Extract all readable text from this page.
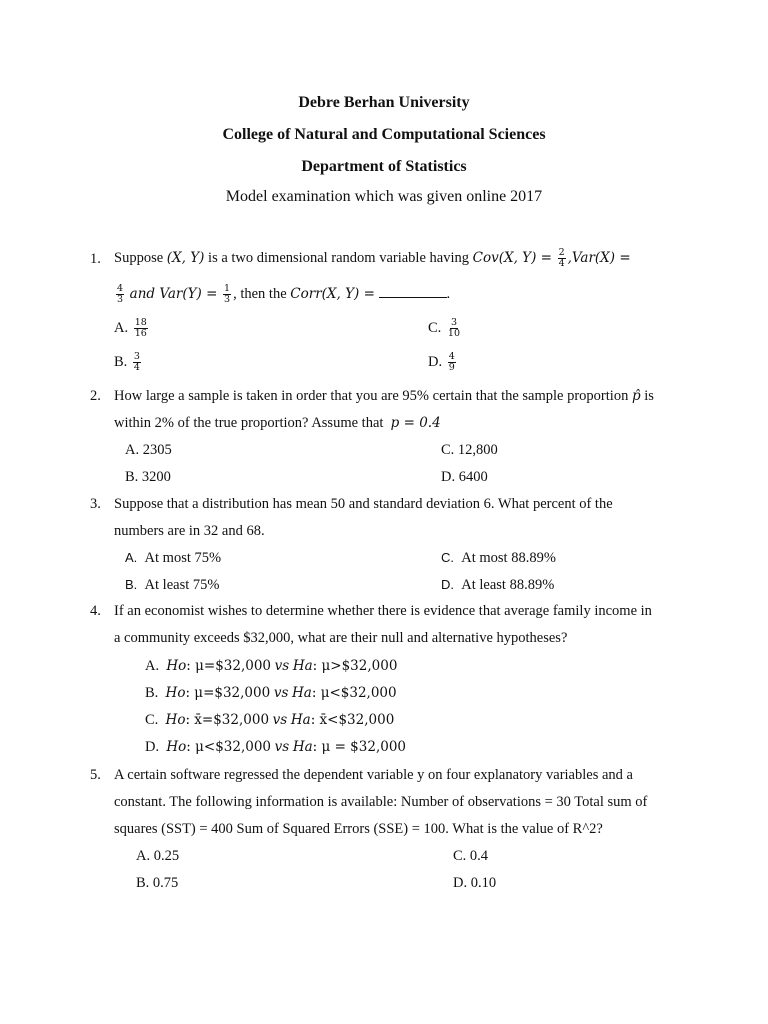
Debre Berhan University
College of Natural and Computational Sciences
Department of Statistics
Model examination which was given online 2017
1. Suppose (X, Y) is a two dimensional random variable having Cov(X, $Y) = \frac{2}{4} ,Var(X)$ =
$\frac{4}{3}$ and $Var(Y) = \frac{1}{3}$ , then the Corr(X, Y) =	.
A. $\frac{18}{16}$
B. $\frac{3}{4}$
C. $\frac{3}{10}$
D. $\frac{4}{9}$
2. How large a sample is taken in order that you are 95% certain that the sample proportion p̂ is
within 2% of the true proportion? Assume that p = 0.4
A. 2305
B. 3200
C. 12,800
D. 6400
3. Suppose that a distribution has mean 50 and standard deviation 6. What percent of the
numbers are in 32 and 68.
A. At most 75%
B. At least 75%
C. At most 88.89%
D. At least 88.89%
4. If an economist wishes to determine whether there is evidence that average family income in
a community exceeds $32,000, what are their null and alternative hypotheses?
A. Ho: μ=$32,000 vs Ha: μ>$32,000
B. Ho: μ=$32,000 vs Ha: μ<$32,000
C. Ho: x̄=$32,000 vs Ha: x̄<$32,000
D. Ho: μ<$32,000 vs Ha: μ = $32,000
5. A certain software regressed the dependent variable y on four explanatory variables and a
constant. The following information is available: Number of observations = 30 Total sum of
squares (SST) = 400 Sum of Squared Errors (SSE) = 100. What is the value of R^2?
A. 0.25
B. 0.75
C. 0.4
D. 0.10
